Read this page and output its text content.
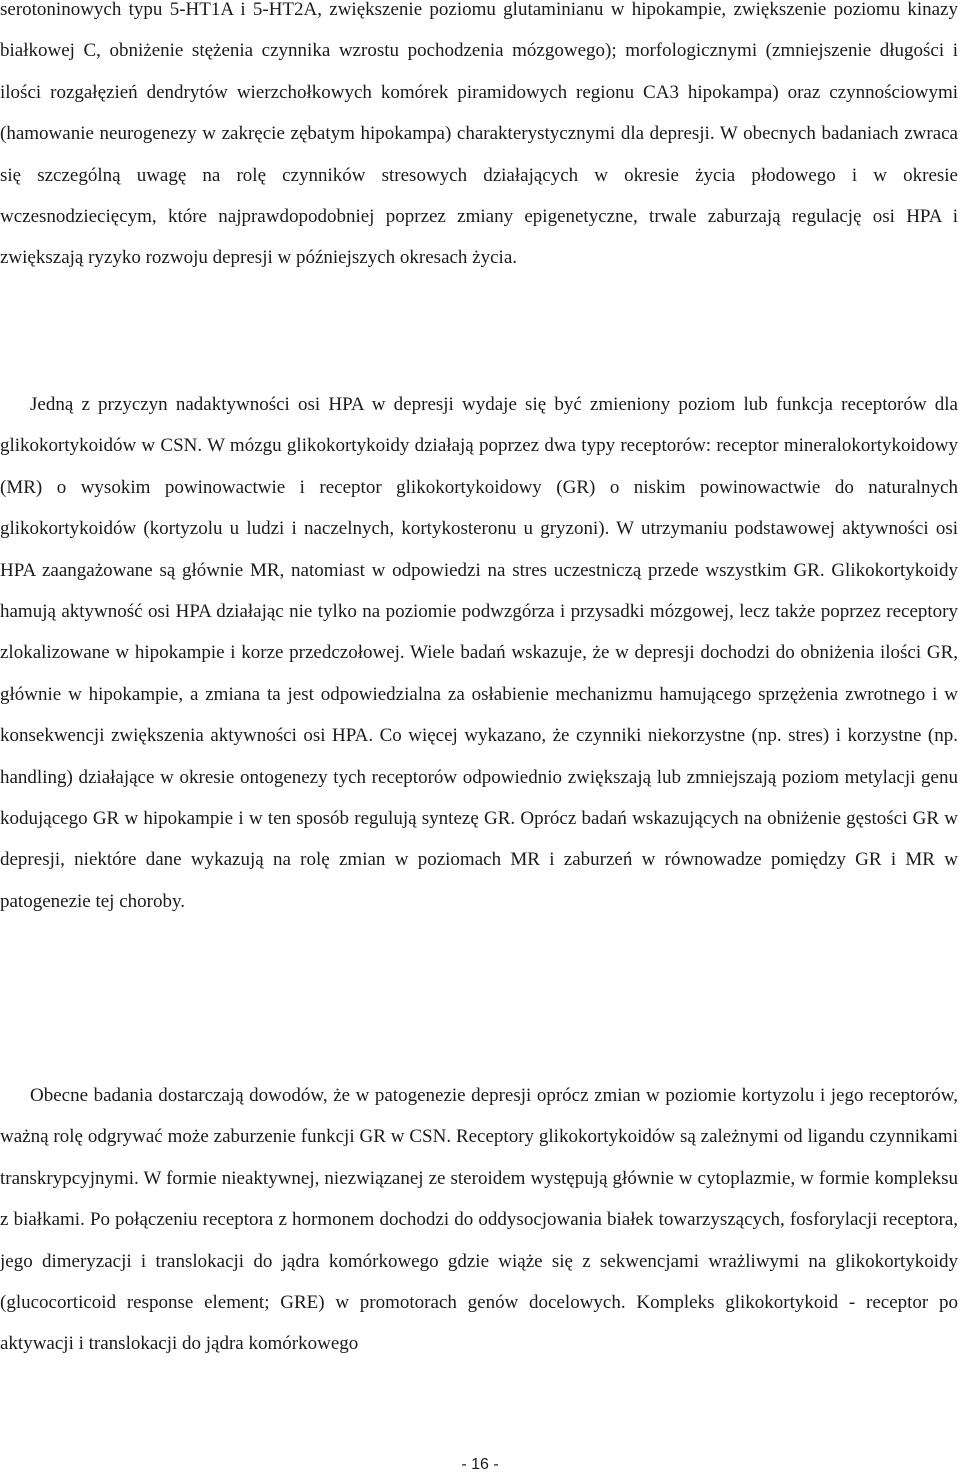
serotoninowych typu 5-HT1A i 5-HT2A, zwiększenie poziomu glutaminianu w hipokampie, zwiększenie poziomu kinazy białkowej C, obniżenie stężenia czynnika wzrostu pochodzenia mózgowego); morfologicznymi (zmniejszenie długości i ilości rozgałęzień dendrytów wierzchołkowych komórek piramidowych regionu CA3 hipokampa) oraz czynnościowymi (hamowanie neurogenezy w zakręcie zębatym hipokampa) charakterystycznymi dla depresji. W obecnych badaniach zwraca się szczególną uwagę na rolę czynników stresowych działających w okresie życia płodowego i w okresie wczesnodziecięcym, które najprawdopodobniej poprzez zmiany epigenetyczne, trwale zaburzają regulację osi HPA i zwiększają ryzyko rozwoju depresji w późniejszych okresach życia.

Jedną z przyczyn nadaktywności osi HPA w depresji wydaje się być zmieniony poziom lub funkcja receptorów dla glikokortykoidów w CSN. W mózgu glikokortykoidy działają poprzez dwa typy receptorów: receptor mineralokortykoidowy (MR) o wysokim powinowactwie i receptor glikokortykoidowy (GR) o niskim powinowactwie do naturalnych glikokortykoidów (kortyzolu u ludzi i naczelnych, kortykosteronu u gryzoni). W utrzymaniu podstawowej aktywności osi HPA zaangażowane są głównie MR, natomiast w odpowiedzi na stres uczestniczą przede wszystkim GR. Glikokortykoidy hamują aktywność osi HPA działając nie tylko na poziomie podwzgórza i przysadki mózgowej, lecz także poprzez receptory zlokalizowane w hipokampie i korze przedczołowej. Wiele badań wskazuje, że w depresji dochodzi do obniżenia ilości GR, głównie w hipokampie, a zmiana ta jest odpowiedzialna za osłabienie mechanizmu hamującego sprzężenia zwrotnego i w konsekwencji zwiększenia aktywności osi HPA. Co więcej wykazano, że czynniki niekorzystne (np. stres) i korzystne (np. handling) działające w okresie ontogenezy tych receptorów odpowiednio zwiększają lub zmniejszają poziom metylacji genu kodującego GR w hipokampie i w ten sposób regulują syntezę GR. Oprócz badań wskazujących na obniżenie gęstości GR w depresji, niektóre dane wykazują na rolę zmian w poziomach MR i zaburzeń w równowadze pomiędzy GR i MR w patogenezie tej choroby.

Obecne badania dostarczają dowodów, że w patogenezie depresji oprócz zmian w poziomie kortyzolu i jego receptorów, ważną rolę odgrywać może zaburzenie funkcji GR w CSN. Receptory glikokortykoidów są zależnymi od ligandu czynnikami transkrypcyjnymi. W formie nieaktywnej, niezwiązanej ze steroidem występują głównie w cytoplazmie, w formie kompleksu z białkami. Po połączeniu receptora z hormonem dochodzi do oddysocjowania białek towarzyszących, fosforylacji receptora, jego dimeryzacji i translokacji do jądra komórkowego gdzie wiąże się z sekwencjami wrażliwymi na glikokortykoidy (glucocorticoid response element; GRE) w promotorach genów docelowych. Kompleks glikokortykoid - receptor po aktywacji i translokacji do jądra komórkowego

- 16 -
